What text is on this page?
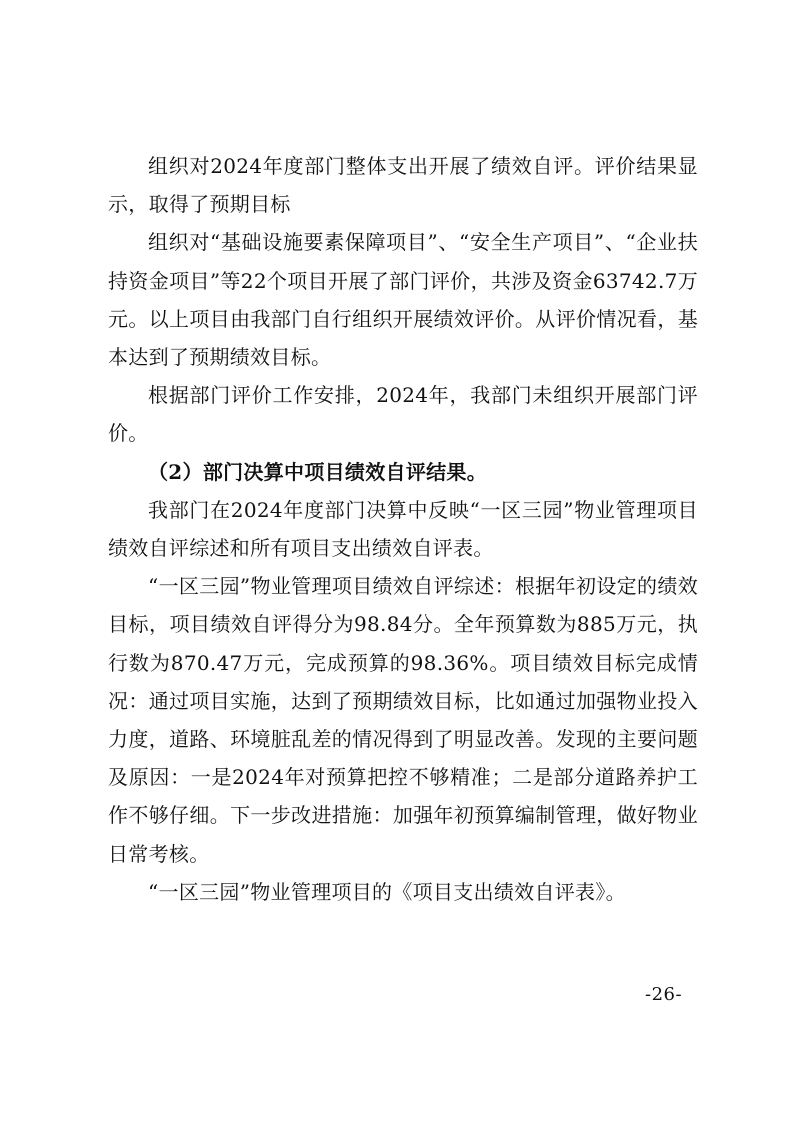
组织对2024年度部门整体支出开展了绩效自评。评价结果显示，取得了预期目标

组织对“基础设施要素保障项目”、“安全生产项目”、“企业扶持资金项目”等22个项目开展了部门评价，共涉及资金63742.7万元。以上项目由我部门自行组织开展绩效评价。从评价情况看，基本达到了预期绩效目标。

根据部门评价工作安排，2024年，我部门未组织开展部门评价。

（2）部门决算中项目绩效自评结果。

我部门在2024年度部门决算中反映“一区三园”物业管理项目绩效自评综述和所有项目支出绩效自评表。

“一区三园”物业管理项目绩效自评综述：根据年初设定的绩效目标，项目绩效自评得分为98.84分。全年预算数为885万元，执行数为870.47万元，完成预算的98.36%。项目绩效目标完成情况：通过项目实施，达到了预期绩效目标，比如通过加强物业投入力度，道路、环境脏乱差的情况得到了明显改善。发现的主要问题及原因：一是2024年对预算把控不够精准；二是部分道路养护工作不够仔细。下一步改进措施：加强年初预算编制管理，做好物业日常考核。

“一区三园”物业管理项目的《项目支出绩效自评表》。

-26-
